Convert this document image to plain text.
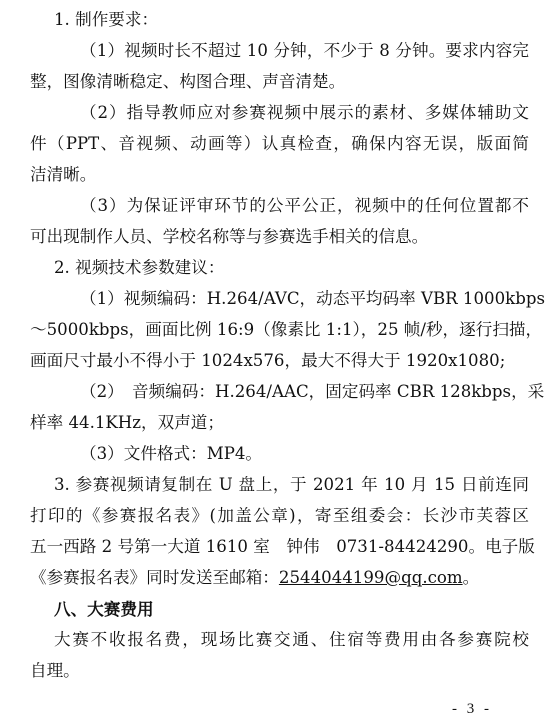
1. 制作要求：
（1）视频时长不超过 10 分钟，不少于 8 分钟。要求内容完
整，图像清晰稳定、构图合理、声音清楚。
（2）指导教师应对参赛视频中展示的素材、多媒体辅助文
件（PPT、音视频、动画等）认真检查，确保内容无误，版面简
洁清晰。
（3）为保证评审环节的公平公正，视频中的任何位置都不
可出现制作人员、学校名称等与参赛选手相关的信息。
2. 视频技术参数建议：
（1）视频编码：H.264/AVC，动态平均码率 VBR 1000kbps
～5000kbps，画面比例 16:9（像素比 1:1），25 帧/秒，逐行扫描，
画面尺寸最小不得小于 1024x576，最大不得大于 1920x1080;
（2）　音频编码：H.264/AAC，固定码率 CBR 128kbps，采
样率 44.1KHz，双声道；
（3）文件格式：MP4。
3. 参赛视频请复制在 U 盘上，于 2021 年 10 月 15 日前连同
打印的《参赛报名表》(加盖公章)，寄至组委会：长沙市芙蓉区
五一西路 2 号第一大道 1610 室　钟伟　0731-84424290。电子版
《参赛报名表》同时发送至邮箱：2544044199@qq.com。
八、大赛费用
大赛不收报名费，现场比赛交通、住宿等费用由各参赛院校
自理。
- 3 -
